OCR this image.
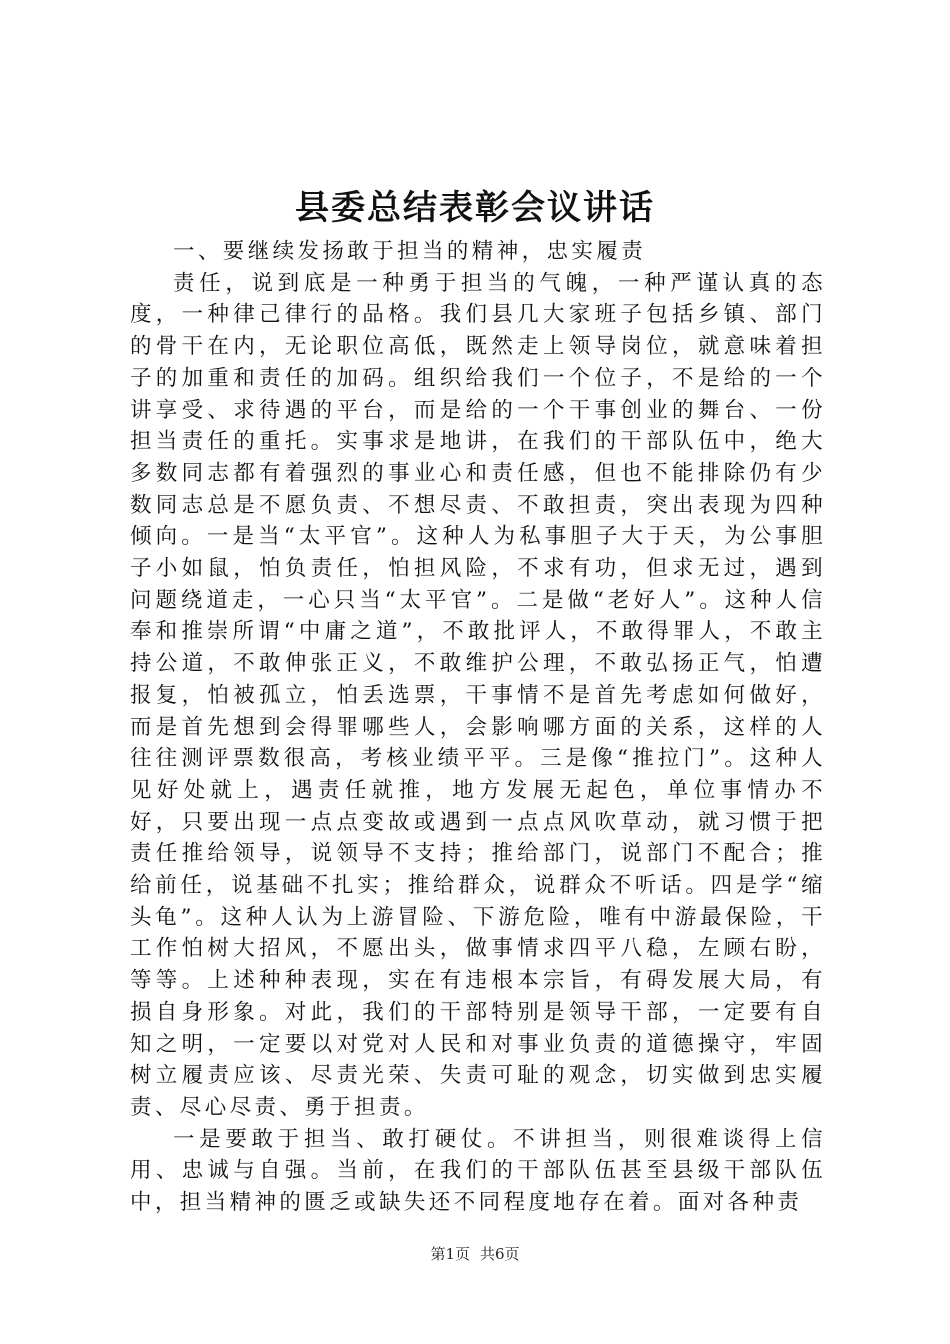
县委总结表彰会议讲话

一、要继续发扬敢于担当的精神，忠实履责

责任，说到底是一种勇于担当的气魄，一种严谨认真的态度，一种律己律行的品格。我们县几大家班子包括乡镇、部门的骨干在内，无论职位高低，既然走上领导岗位，就意味着担子的加重和责任的加码。组织给我们一个位子，不是给的一个讲享受、求待遇的平台，而是给的一个干事创业的舞台、一份担当责任的重托。实事求是地讲，在我们的干部队伍中，绝大多数同志都有着强烈的事业心和责任感，但也不能排除仍有少数同志总是不愿负责、不想尽责、不敢担责，突出表现为四种倾向。一是当“太平官”。这种人为私事胆子大于天，为公事胆子小如鼠，怕负责任，怕担风险，不求有功，但求无过，遇到问题绕道走，一心只当“太平官”。二是做“老好人”。这种人信奉和推崇所谓“中庸之道”，不敢批评人，不敢得罪人，不敢主持公道，不敢伸张正义，不敢维护公理，不敢弘扬正气，怕遭报复，怕被孤立，怕丢选票，干事情不是首先考虑如何做好，而是首先想到会得罪哪些人，会影响哪方面的关系，这样的人往往测评票数很高，考核业绩平平。三是像“推拉门”。这种人见好处就上，遇责任就推，地方发展无起色，单位事情办不好，只要出现一点点变故或遇到一点点风吹草动，就习惯于把责任推给领导，说领导不支持；推给部门，说部门不配合；推给前任，说基础不扎实；推给群众，说群众不听话。四是学“缩头龟”。这种人认为上游冒险、下游危险，唯有中游最保险，干工作怕树大招风，不愿出头，做事情求四平八稳，左顾右盼，等等。上述种种表现，实在有违根本宗旨，有碍发展大局，有损自身形象。对此，我们的干部特别是领导干部，一定要有自知之明，一定要以对党对人民和对事业负责的道德操守，牢固树立履责应该、尽责光荣、失责可耻的观念，切实做到忠实履责、尽心尽责、勇于担责。

一是要敢于担当、敢打硬仗。不讲担当，则很难谈得上信用、忠诚与自强。当前，在我们的干部队伍甚至县级干部队伍中，担当精神的匮乏或缺失还不同程度地存在着。面对各种责

第1页 共6页
